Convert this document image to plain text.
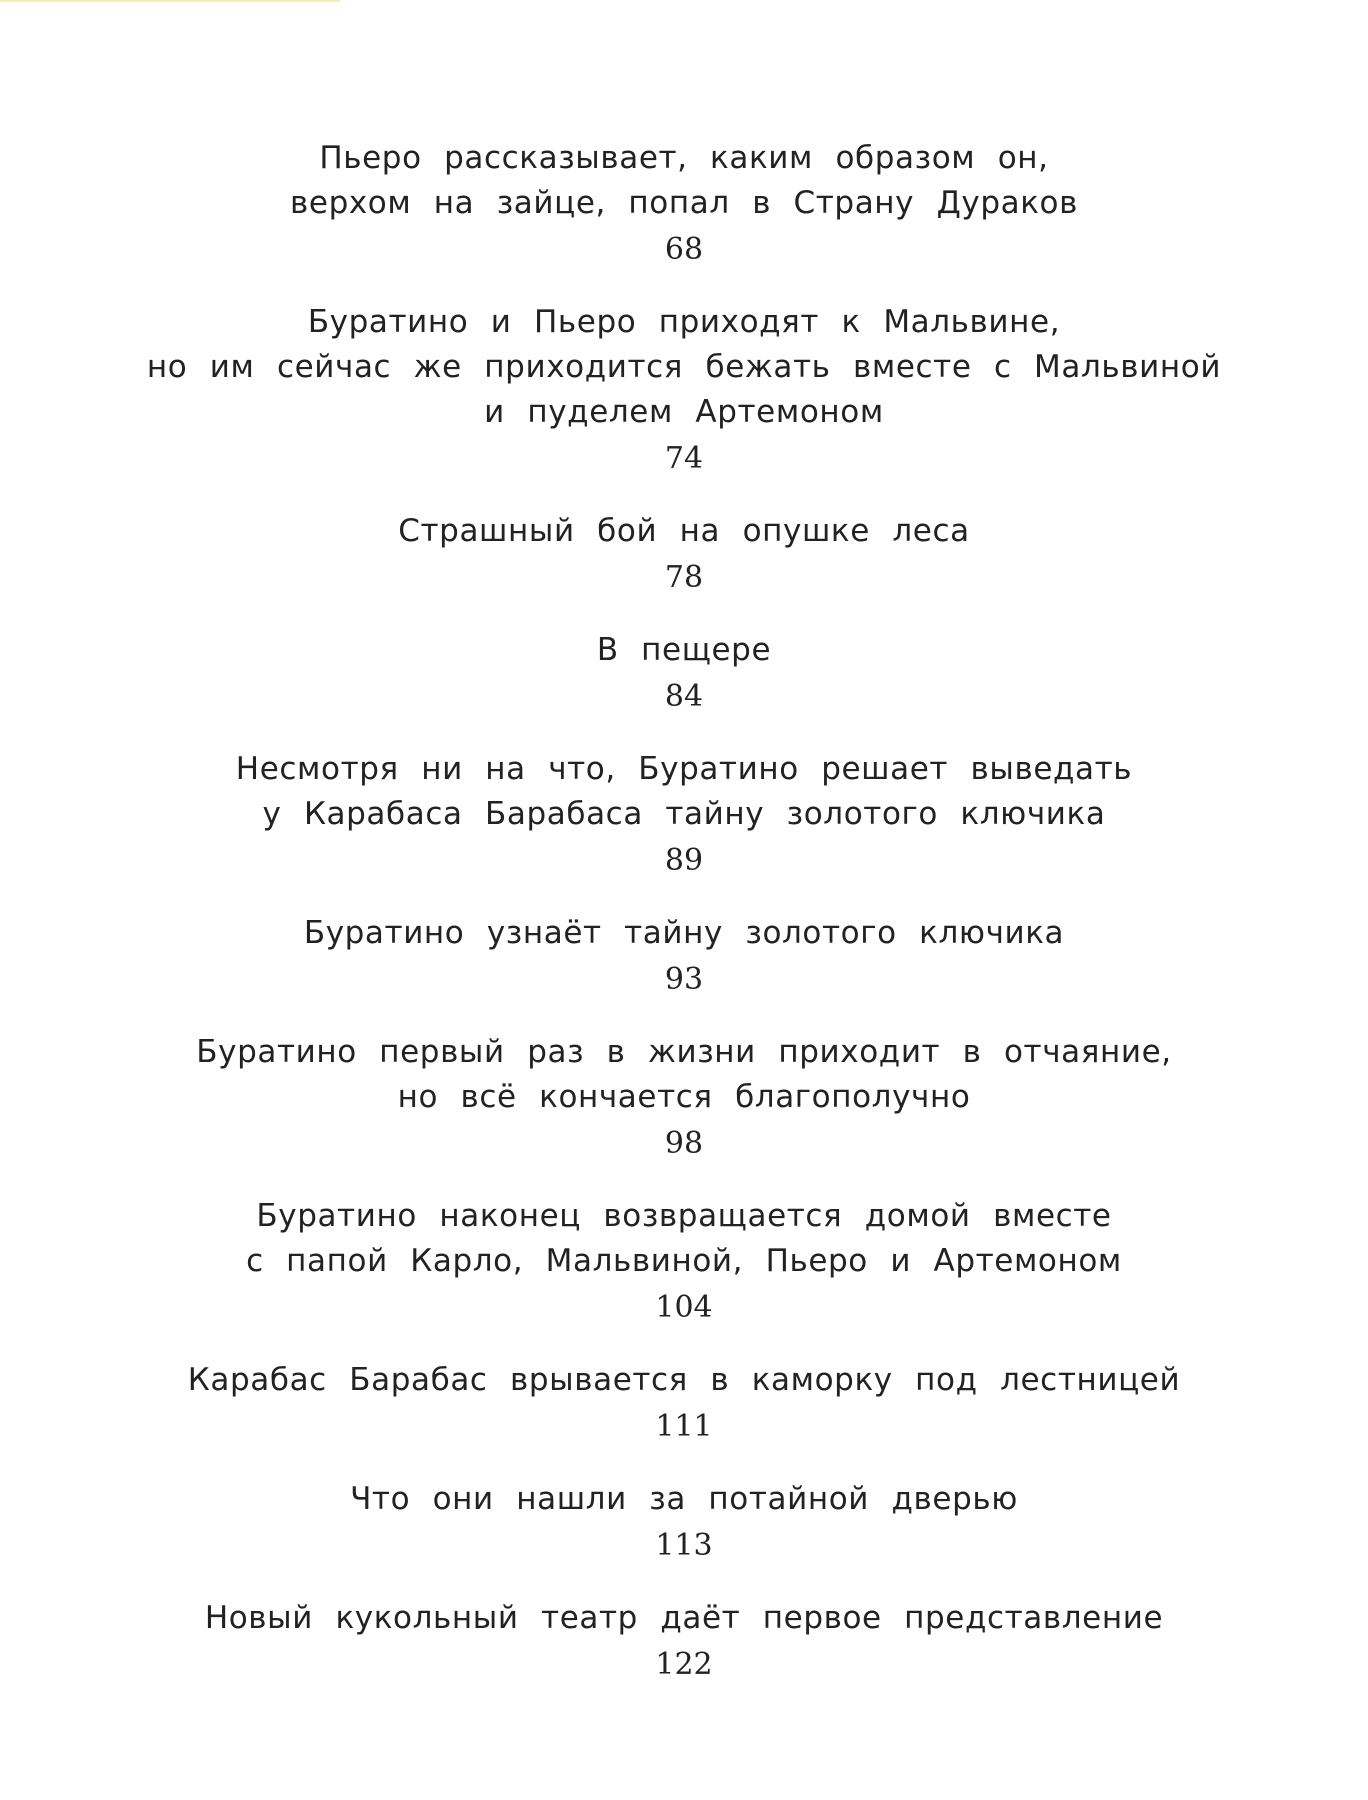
Пьеро рассказывает, каким образом он,
верхом на зайце, попал в Страну Дураков

68

Буратино и Пьеро приходят к Мальвине,
но им сейчас же приходится бежать вместе с Мальвиной
и пуделем Артемоном

74

Страшный бой на опушке леса

78

В пещере

84

Несмотря ни на что, Буратино решает выведать
у Карабаса Барабаса тайну золотого ключика

89

Буратино узнаёт тайну золотого ключика

93

Буратино первый раз в жизни приходит в отчаяние,
но всё кончается благополучно

98

Буратино наконец возвращается домой вместе
с папой Карло, Мальвиной, Пьеро и Артемоном

104

Карабас Барабас врывается в каморку под лестницей

111

Что они нашли за потайной дверью

113

Новый кукольный театр даёт первое представление

122
